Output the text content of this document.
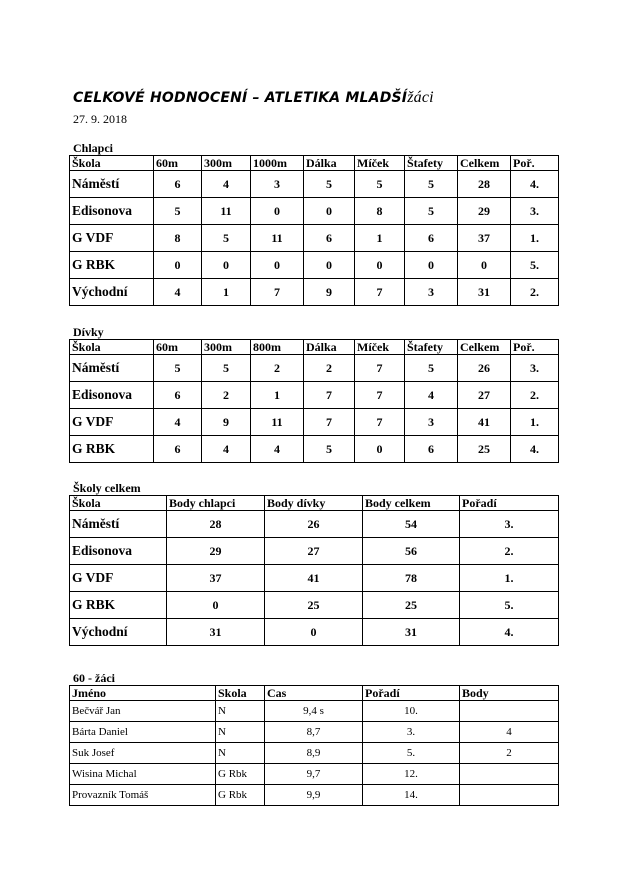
CELKOVÉ HODNOCENÍ – ATLETIKA MLADŠÍžáci
27. 9. 2018
Chlapci
Škola	60m	300m	1000m	Dálka	Míček	Štafety	Celkem	Poř.
Náměstí	6	4	3	5	5	5	28	4.
Edisonova	5	11	0	0	8	5	29	3.
G VDF	8	5	11	6	1	6	37	1.
G RBK	0	0	0	0	0	0	0	5.
Východní	4	1	7	9	7	3	31	2.
Dívky
Škola	60m	300m	800m	Dálka	Míček	Štafety	Celkem	Poř.
Náměstí	5	5	2	2	7	5	26	3.
Edisonova	6	2	1	7	7	4	27	2.
G VDF	4	9	11	7	7	3	41	1.
G RBK	6	4	4	5	0	6	25	4.
Školy celkem
Škola	Body chlapci	Body dívky	Body celkem	Pořadí
Náměstí	28	26	54	3.
Edisonova	29	27	56	2.
G VDF	37	41	78	1.
G RBK	0	25	25	5.
Východní	31	0	31	4.
60 - žáci
Jméno	Skola	Cas	Pořadí	Body
Bečvář Jan	N	9,4 s	10.	
Bárta Daniel	N	8,7	3.	4
Suk Josef	N	8,9	5.	2
Wisina Michal	G Rbk	9,7	12.	
Provazník Tomáš	G Rbk	9,9	14.	
